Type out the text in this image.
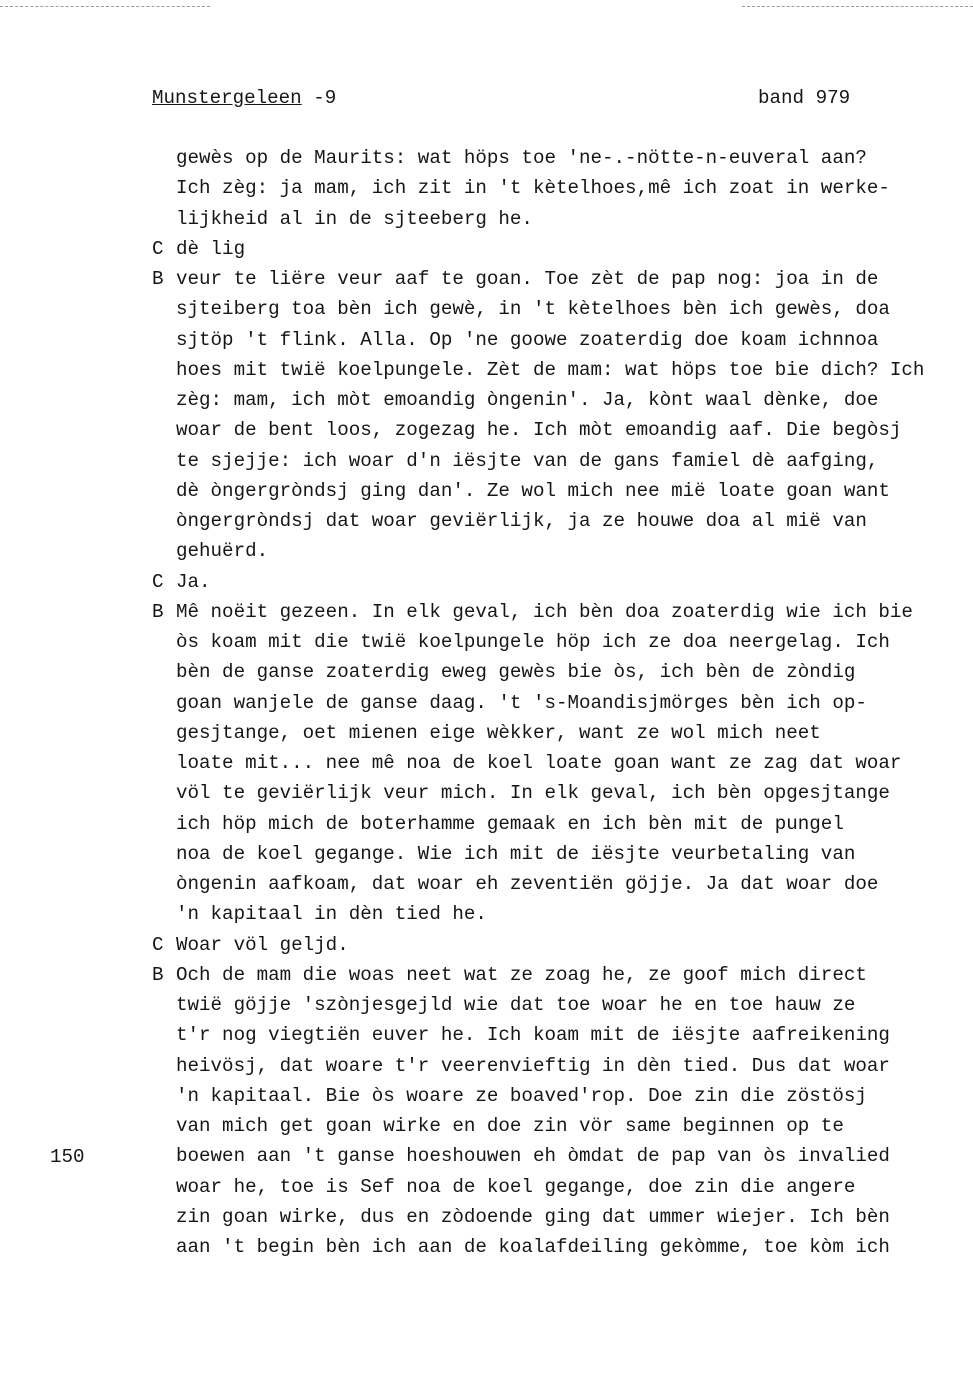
Munstergeleen -9	band 979
150
gewès op de Maurits: wat höps toe 'ne-.-nötte-n-euveral aan?
Ich zèg: ja mam, ich zit in 't kètelhoes,mê ich zoat in werke-
lijkheid al in de sjteeberg he.
C dè lig
B veur te liëre veur aaf te goan. Toe zèt de pap nog: joa in de
sjteiberg toa bèn ich gewè, in 't kètelhoes bèn ich gewès, doa
sjtöp 't flink. Alla. Op 'ne goowe zoaterdig doe koam ichnnoa
hoes mit twië koelpungele. Zèt de mam: wat höps toe bie dich? Ich
zèg: mam, ich mòt emoandig òngenin'. Ja, kònt waal dènke, doe
woar de bent loos, zogezag he. Ich mòt emoandig aaf. Die begòsj
te sjejje: ich woar d'n iësjte van de gans famiel dè aafging,
dè òngergròndsj ging dan'. Ze wol mich nee mië loate goan want
òngergròndsj dat woar geviërlijk, ja ze houwe doa al mië van
gehuërd.
C Ja.
B Mê noëit gezeen. In elk geval, ich bèn doa zoaterdig wie ich bie
òs koam mit die twië koelpungele höp ich ze doa neergelag. Ich
bèn de ganse zoaterdig eweg gewès bie òs, ich bèn de zòndig
goan wanjele de ganse daag. 't 's-Moandisjmörges bèn ich op-
gesjtange, oet mienen eige wèkker, want ze wol mich neet
loate mit... nee mê noa de koel loate goan want ze zag dat woar
völ te geviërlijk veur mich. In elk geval, ich bèn opgesjtange
ich höp mich de boterhamme gemaak en ich bèn mit de pungel
noa de koel gegange. Wie ich mit de iësjte veurbetaling van
òngenin aafkoam, dat woar eh zeventiën göjje. Ja dat woar doe
'n kapitaal in dèn tied he.
C Woar völ geljd.
B Och de mam die woas neet wat ze zoag he, ze goof mich direct
twië göjje 'szònjesgejld wie dat toe woar he en toe hauw ze
t'r nog viegtiën euver he. Ich koam mit de iësjte aafreikening
heivösj, dat woare t'r veerenvieftig in dèn tied. Dus dat woar
'n kapitaal. Bie òs woare ze boaved'rop. Doe zin die zöstösj
van mich get goan wirke en doe zin vör same beginnen op te
boewen aan 't ganse hoeshouwen eh òmdat de pap van òs invalied
woar he, toe is Sef noa de koel gegange, doe zin die angere
zin goan wirke, dus en zòdoende ging dat ummer wiejer. Ich bèn
aan 't begin bèn ich aan de koalafdeiling gekòmme, toe kòm ich
